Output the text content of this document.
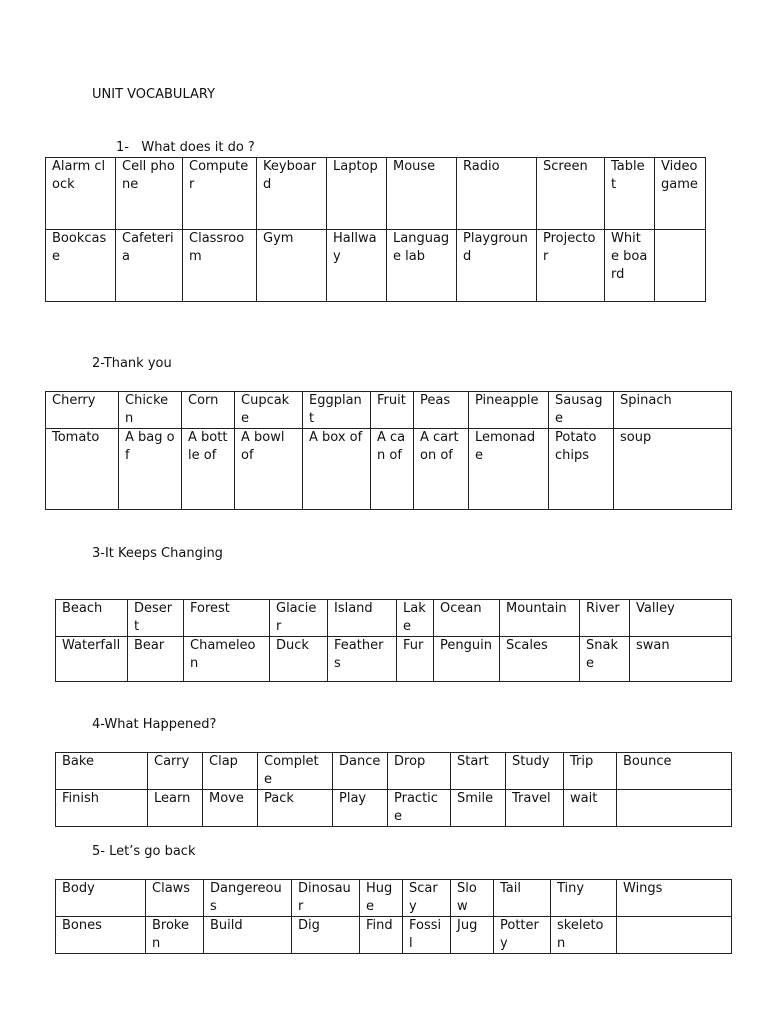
UNIT VOCABULARY
1-   What does it do ?
Alarm clock	Cell phone	Computer	Keyboard	Laptop	Mouse	Radio	Screen	Tablet	Video game
Bookcase	Cafeteria	Classroom	Gym	Hallway	Language lab	Playground	Projector	White board	
2-Thank you
Cherry	Chicken	Corn	Cupcake	Eggplant	Fruit	Peas	Pineapple	Sausage	Spinach
Tomato	A bag of	A bottle of	A bowl of	A box of	A can of	A carton of	Lemonade	Potato chips	soup
3-It Keeps Changing
Beach	Desert	Forest	Glacier	Island	Lake	Ocean	Mountain	River	Valley
Waterfall	Bear	Chameleon	Duck	Feathers	Fur	Penguin	Scales	Snake	swan
4-What Happened?
Bake	Carry	Clap	Complete	Dance	Drop	Start	Study	Trip	Bounce
Finish	Learn	Move	Pack	Play	Practice	Smile	Travel	wait	
5- Let’s go back
Body	Claws	Dangereous	Dinosaur	Huge	Scary	Slow	Tail	Tiny	Wings
Bones	Broken	Build	Dig	Find	Fossil	Jug	Pottery	skeleton	
